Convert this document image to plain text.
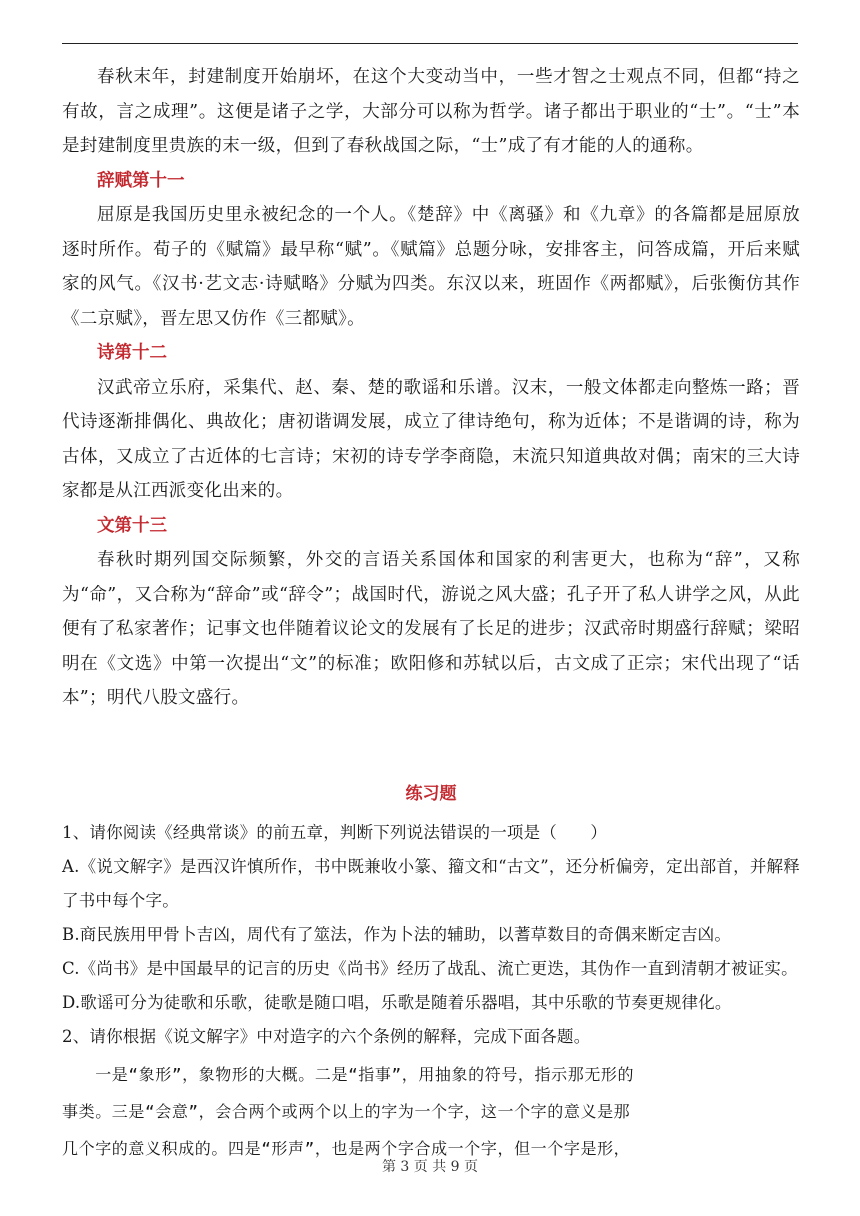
春秋末年，封建制度开始崩坏，在这个大变动当中，一些才智之士观点不同，但都“持之有故，言之成理”。这便是诸子之学，大部分可以称为哲学。诸子都出于职业的“士”。“士”本是封建制度里贵族的末一级，但到了春秋战国之际，“士”成了有才能的人的通称。

辞赋第十一

屈原是我国历史里永被纪念的一个人。《楚辞》中《离骚》和《九章》的各篇都是屈原放逐时所作。荀子的《赋篇》最早称“赋”。《赋篇》总题分咏，安排客主，问答成篇，开后来赋家的风气。《汉书·艺文志·诗赋略》分赋为四类。东汉以来，班固作《两都赋》，后张衡仿其作《二京赋》，晋左思又仿作《三都赋》。

诗第十二

汉武帝立乐府，采集代、赵、秦、楚的歌谣和乐谱。汉末，一般文体都走向整炼一路；晋代诗逐渐排偶化、典故化；唐初谐调发展，成立了律诗绝句，称为近体；不是谐调的诗，称为古体，又成立了古近体的七言诗；宋初的诗专学李商隐，末流只知道典故对偶；南宋的三大诗家都是从江西派变化出来的。

文第十三

春秋时期列国交际频繁，外交的言语关系国体和国家的利害更大，也称为“辞”，又称为“命”，又合称为“辞命”或“辞令”；战国时代，游说之风大盛；孔子开了私人讲学之风，从此便有了私家著作；记事文也伴随着议论文的发展有了长足的进步；汉武帝时期盛行辞赋；梁昭明在《文选》中第一次提出“文”的标准；欧阳修和苏轼以后，古文成了正宗；宋代出现了“话本”；明代八股文盛行。

练习题

1、请你阅读《经典常谈》的前五章，判断下列说法错误的一项是（　　）

A.《说文解字》是西汉许慎所作，书中既兼收小篆、籀文和“古文”，还分析偏旁，定出部首，并解释了书中每个字。

B.商民族用甲骨卜吉凶，周代有了筮法，作为卜法的辅助，以蓍草数目的奇偶来断定吉凶。

C.《尚书》是中国最早的记言的历史《尚书》经历了战乱、流亡更迭，其伪作一直到清朝才被证实。

D.歌谣可分为徒歌和乐歌，徒歌是随口唱，乐歌是随着乐器唱，其中乐歌的节奏更规律化。

2、请你根据《说文解字》中对造字的六个条例的解释，完成下面各题。

　　一是“象形”，象物形的大概。二是“指事”，用抽象的符号，指示那无形的
事类。三是“会意”，会合两个或两个以上的字为一个字，这一个字的意义是那
几个字的意义积成的。四是“形声”，也是两个字合成一个字，但一个字是形，
第 3 页 共 9 页
